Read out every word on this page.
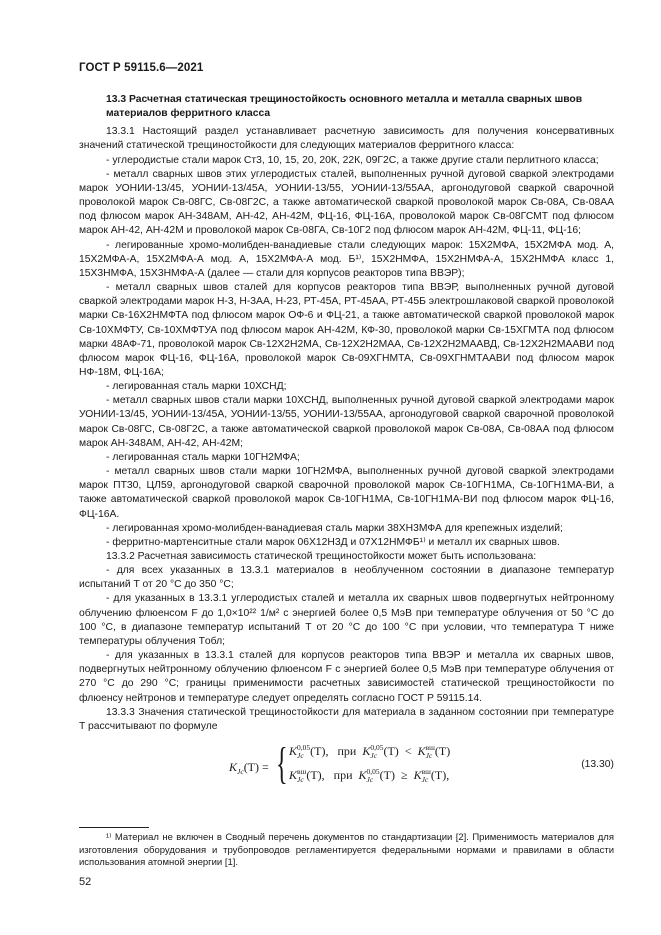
ГОСТ Р 59115.6—2021
13.3 Расчетная статическая трещиностойкость основного металла и металла сварных швов материалов ферритного класса

13.3.1 Настоящий раздел устанавливает расчетную зависимость для получения консервативных значений статической трещиностойкости для следующих материалов ферритного класса:

- углеродистые стали марок Ст3, 10, 15, 20, 20К, 22К, 09Г2С, а также другие стали перлитного класса;

- металл сварных швов этих углеродистых сталей, выполненных ручной дуговой сваркой электродами марок УОНИИ-13/45, УОНИИ-13/45А, УОНИИ-13/55, УОНИИ-13/55АА, аргонодуговой сваркой сварочной проволокой марок Св-08ГС, Св-08Г2С, а также автоматической сваркой проволокой марок Св-08А, Св-08АА под флюсом марок АН-348АМ, АН-42, АН-42М, ФЦ-16, ФЦ-16А, проволокой марок Св-08ГСМТ под флюсом марок АН-42, АН-42М и проволокой марок Св-08ГА, Св-10Г2 под флюсом марок АН-42М, ФЦ-11, ФЦ-16;

- легированные хромо-молибден-ванадиевые стали следующих марок: 15Х2МФА, 15Х2МФА мод. А, 15Х2МФА-А, 15Х2МФА-А мод. А, 15Х2МФА-А мод. Б¹⁾, 15Х2НМФА, 15Х2НМФА-А, 15Х2НМФА класс 1, 15Х3НМФА, 15Х3НМФА-А (далее — стали для корпусов реакторов типа ВВЭР);

- металл сварных швов сталей для корпусов реакторов типа ВВЭР, выполненных ручной дуговой сваркой электродами марок Н-3, Н-3АА, Н-23, РТ-45А, РТ-45АА, РТ-45Б электрошлаковой сваркой проволокой марки Св-16Х2НМФТА под флюсом марок ОФ-6 и ФЦ-21, а также автоматической сваркой проволокой марок Св-10ХМФТУ, Св-10ХМФТУА под флюсом марок АН-42М, КФ-30, проволокой марки Св-15ХГМТА под флюсом марки 48АФ-71, проволокой марок Св-12Х2Н2МА, Св-12Х2Н2МАА, Св-12Х2Н2МААВД, Св-12Х2Н2МААВИ под флюсом марок ФЦ-16, ФЦ-16А, проволокой марок Св-09ХГНМТА, Св-09ХГНМТААВИ под флюсом марок НФ-18М, ФЦ-16А;

- легированная сталь марки 10ХСНД;

- металл сварных швов стали марки 10ХСНД, выполненных ручной дуговой сваркой электродами марок УОНИИ-13/45, УОНИИ-13/45А, УОНИИ-13/55, УОНИИ-13/55АА, аргонодуговой сваркой сварочной проволокой марок Св-08ГС, Св-08Г2С, а также автоматической сваркой проволокой марок Св-08А, Св-08АА под флюсом марок АН-348АМ, АН-42, АН-42М;

- легированная сталь марки 10ГН2МФА;

- металл сварных швов стали марки 10ГН2МФА, выполненных ручной дуговой сваркой электродами марок ПТ30, ЦЛ59, аргонодуговой сваркой сварочной проволокой марок Св-10ГН1МА, Св-10ГН1МА-ВИ, а также автоматической сваркой проволокой марок Св-10ГН1МА, Св-10ГН1МА-ВИ под флюсом марок ФЦ-16, ФЦ-16А.

- легированная хромо-молибден-ванадиевая сталь марки 38ХН3МФА для крепежных изделий;

- ферритно-мартенситные стали марок 06Х12Н3Д и 07Х12НМФБ¹⁾ и металл их сварных швов.

13.3.2 Расчетная зависимость статической трещиностойкости может быть использована:

- для всех указанных в 13.3.1 материалов в необлученном состоянии в диапазоне температур испытаний T от 20 °С до 350 °С;

- для указанных в 13.3.1 углеродистых сталей и металла их сварных швов подвергнутых нейтронному облучению флюенсом F до 1,0×10²² 1/м² с энергией более 0,5 МэВ при температуре облучения от 50 °С до 100 °С, в диапазоне температур испытаний T от 20 °С до 100 °С при условии, что температура T ниже температуры облучения Tобл;

- для указанных в 13.3.1 сталей для корпусов реакторов типа ВВЭР и металла их сварных швов, подвергнутых нейтронному облучению флюенсом F с энергией более 0,5 МэВ при температуре облучения от 270 °С до 290 °С; границы применимости расчетных зависимостей статической трещиностойкости по флюенсу нейтронов и температуре следует определять согласно ГОСТ Р 59115.14.

13.3.3 Значения статической трещиностойкости для материала в заданном состоянии при температуре T рассчитывают по формуле

$K_{Jc}(T)$ = { K 0,05
Jc (T), при K 0,05
Jc (T) < K вш
Jc (T)
K вш
Jc (T), при K 0,05
Jc (T) ≥ K вш
Jc (T),
(13.30)

¹⁾ Материал не включен в Сводный перечень документов по стандартизации [2]. Применимость материалов для изготовления оборудования и трубопроводов регламентируется федеральными нормами и правилами в области использования атомной энергии [1].

52
